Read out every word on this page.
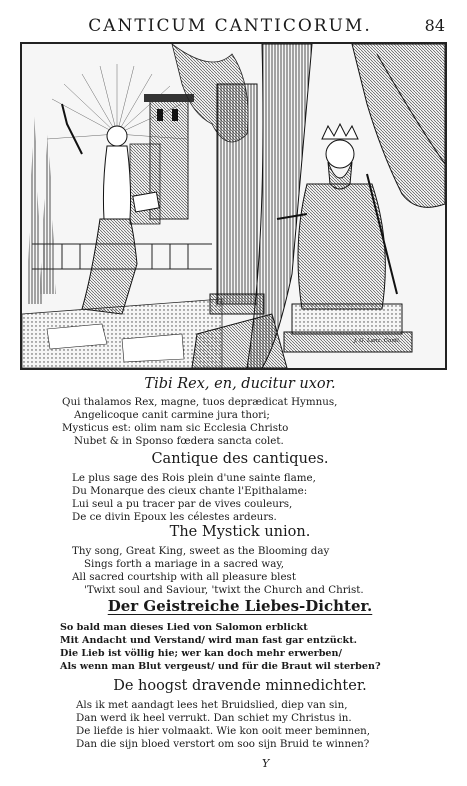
CANTICUM CANTICORUM.	84
J. G. Lanz. Canti.

Tibi Rex, en, ducitur uxor.

Qui thalamos Rex, magne, tuos deprædicat Hymnus,

Angelicoque canit carmine jura thori;

Mysticus est: olim nam sic Ecclesia Christo

Nubet & in Sponso fœdera sancta colet.

Cantique des cantiques.

Le plus sage des Rois plein d'une sainte flame,

Du Monarque des cieux chante l'Epithalame:

Lui seul a pu tracer par de vives couleurs,

De ce divin Epoux les célestes ardeurs.

The Mystick union.

Thy song, Great King, sweet as the Blooming day

Sings forth a mariage in a sacred way,

All sacred courtship with all pleasure blest

'Twixt soul and Saviour, 'twixt the Church and Christ.

Der Geistreiche Liebes-Dichter.

So bald man dieses Lied von Salomon erblickt

Mit Andacht und Verstand/ wird man fast gar entzückt.

Die Lieb ist völlig hie; wer kan doch mehr erwerben/

Als wenn man Blut vergeust/ und für die Braut wil sterben?

De hoogst dravende minnedichter.

Als ik met aandagt lees het Bruidslied, diep van sin,

Dan werd ik heel verrukt. Dan schiet my Christus in.

De liefde is hier volmaakt. Wie kon ooit meer beminnen,

Dan die sijn bloed verstort om soo sijn Bruid te winnen?

Y
